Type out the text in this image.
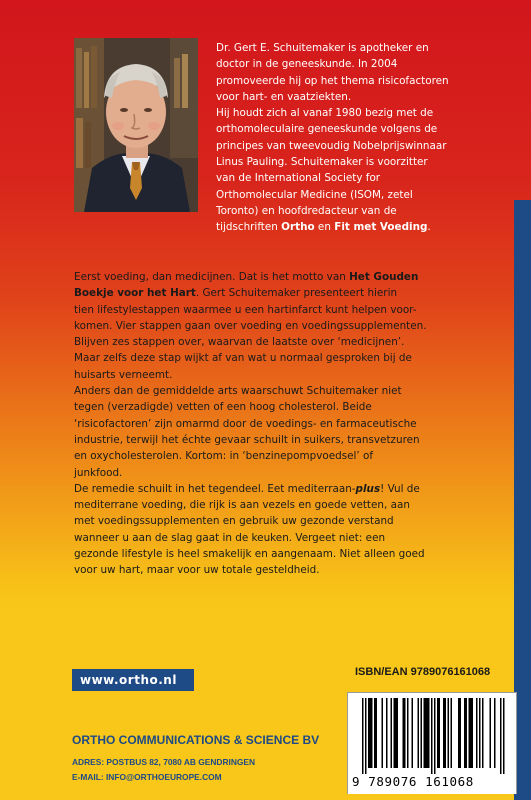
Dr. Gert E. Schuitemaker is apotheker en

doctor in de geneeskunde. In 2004

promoveerde hij op het thema risicofactoren

voor hart- en vaatziekten.

Hij houdt zich al vanaf 1980 bezig met de

orthomoleculaire geneeskunde volgens de

principes van tweevoudig Nobelprijswinnaar

Linus Pauling. Schuitemaker is voorzitter

van de International Society for

Orthomolecular Medicine (ISOM, zetel

Toronto) en hoofdredacteur van de

tijdschriften Ortho en Fit met Voeding.

Eerst voeding, dan medicijnen. Dat is het motto van Het Gouden

Boekje voor het Hart. Gert Schuitemaker presenteert hierin

tien lifestylestappen waarmee u een hartinfarct kunt helpen voor-

komen. Vier stappen gaan over voeding en voedingssupplementen.

Blijven zes stappen over, waarvan de laatste over ‘medicijnen’.

Maar zelfs deze stap wijkt af van wat u normaal gesproken bij de

huisarts verneemt.

Anders dan de gemiddelde arts waarschuwt Schuitemaker niet

tegen (verzadigde) vetten of een hoog cholesterol. Beide

‘risicofactoren’ zijn omarmd door de voedings- en farmaceutische

industrie, terwijl het échte gevaar schuilt in suikers, transvetzuren

en oxycholesterolen. Kortom: in ‘benzinepompvoedsel’ of

junkfood.

De remedie schuilt in het tegendeel. Eet mediterraan-plus! Vul de

mediterrane voeding, die rijk is aan vezels en goede vetten, aan

met voedingssupplementen en gebruik uw gezonde verstand

wanneer u aan de slag gaat in de keuken. Vergeet niet: een

gezonde lifestyle is heel smakelijk en aangenaam. Niet alleen goed

voor uw hart, maar voor uw totale gesteldheid.

www.ortho.nl
ISBN/EAN 9789076161068
9 789076 161068
ORTHO COMMUNICATIONS & SCIENCE BV
ADRES: POSTBUS 82, 7080 AB GENDRINGEN
E-MAIL: INFO@ORTHOEUROPE.COM
